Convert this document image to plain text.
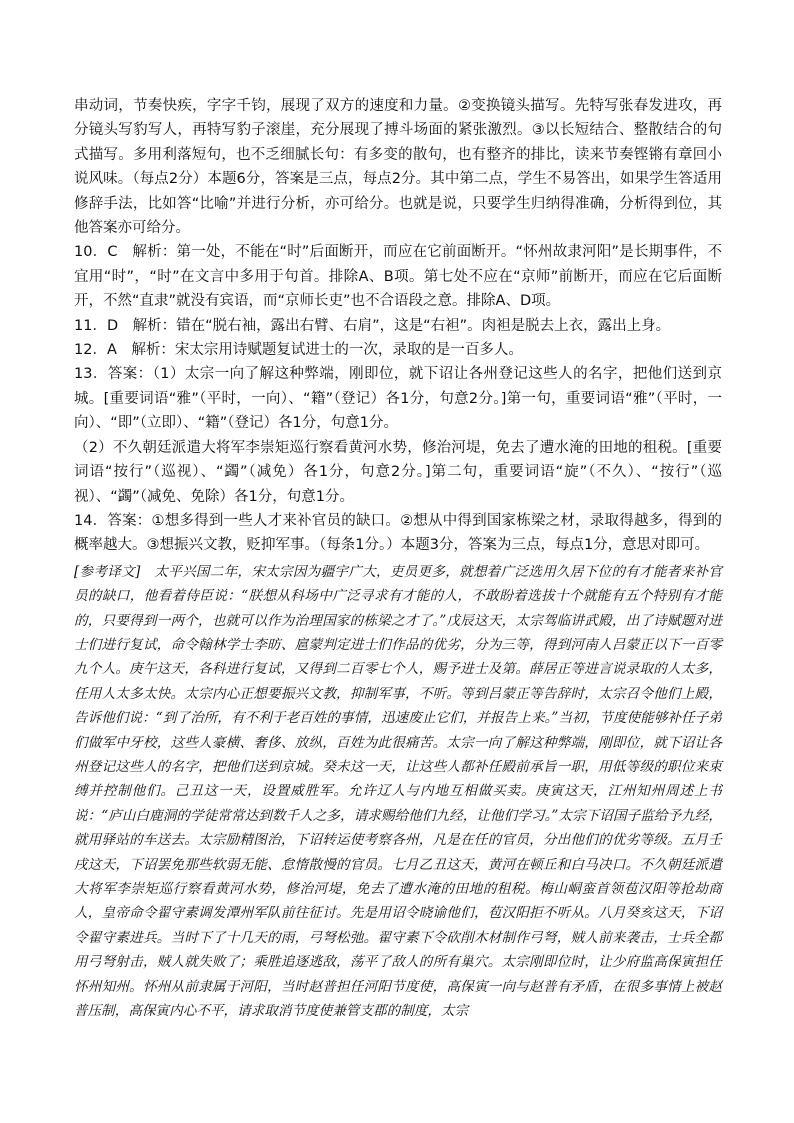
串动词，节奏快疾，字字千钧，展现了双方的速度和力量。②变换镜头描写。先特写张春发进攻，再分镜头写豹写人，再特写豹子滚崖，充分展现了搏斗场面的紧张激烈。③以长短结合、整散结合的句式描写。多用利落短句，也不乏细腻长句：有多变的散句，也有整齐的排比，读来节奏铿锵有章回小说风味。（每点2分）本题6分，答案是三点，每点2分。其中第二点，学生不易答出，如果学生答适用修辞手法，比如答“比喻”并进行分析，亦可给分。也就是说，只要学生归纳得准确，分析得到位，其他答案亦可给分。

10．C　解析：第一处，不能在“时”后面断开，而应在它前面断开。“怀州故隶河阳”是长期事件，不宜用“时”，“时”在文言中多用于句首。排除A、B项。第七处不应在“京师”前断开，而应在它后面断开，不然“直隶”就没有宾语，而“京师长吏”也不合语段之意。排除A、D项。

11．D　解析：错在“脱右袖，露出右臂、右肩”，这是“右袒”。肉袒是脱去上衣，露出上身。

12．A　解析：宋太宗用诗赋题复试进士的一次，录取的是一百多人。

13．答案：（1）太宗一向了解这种弊端，刚即位，就下诏让各州登记这些人的名字，把他们送到京城。[重要词语“雅”（平时，一向）、“籍”（登记）各1分，句意2分。]第一句，重要词语“雅”（平时，一向）、“即”（立即）、“籍”（登记）各1分，句意1分。

（2）不久朝廷派遣大将军李崇矩巡行察看黄河水势，修治河堤，免去了遭水淹的田地的租税。[重要词语“按行”（巡视）、“蠲”（减免）各1分，句意2分。]第二句，重要词语“旋”（不久）、“按行”（巡视）、“蠲”（减免、免除）各1分，句意1分。

14．答案：①想多得到一些人才来补官员的缺口。②想从中得到国家栋梁之材，录取得越多，得到的概率越大。③想振兴文教，贬抑军事。（每条1分。）本题3分，答案为三点，每点1分，意思对即可。

[参考译文]　太平兴国二年，宋太宗因为疆宇广大，吏员更多，就想着广泛选用久居下位的有才能者来补官员的缺口，他看着侍臣说：“朕想从科场中广泛寻求有才能的人，不敢盼着选拔十个就能有五个特别有才能的，只要得到一两个，也就可以作为治理国家的栋梁之才了。”戊辰这天，太宗驾临讲武殿，出了诗赋题对进士们进行复试，命令翰林学士李昉、扈蒙判定进士们作品的优劣，分为三等，得到河南人吕蒙正以下一百零九个人。庚午这天，各科进行复试，又得到二百零七个人，赐予进士及第。薛居正等进言说录取的人太多，任用人太多太快。太宗内心正想要振兴文教，抑制军事，不听。等到吕蒙正等告辞时，太宗召令他们上殿，告诉他们说：“到了治所，有不利于老百姓的事情，迅速废止它们，并报告上来。”当初，节度使能够补任子弟们做军中牙校，这些人豪横、奢侈、放纵，百姓为此很痛苦。太宗一向了解这种弊端，刚即位，就下诏让各州登记这些人的名字，把他们送到京城。癸未这一天，让这些人都补任殿前承旨一职，用低等级的职位来束缚并控制他们。己丑这一天，设置威胜军。允许辽人与内地互相做买卖。庚寅这天，江州知州周述上书说：“庐山白鹿洞的学徒常常达到数千人之多，请求赐给他们九经，让他们学习。”太宗下诏国子监给予九经，就用驿站的车送去。太宗励精图治，下诏转运使考察各州，凡是在任的官员，分出他们的优劣等级。五月壬戌这天，下诏罢免那些软弱无能、怠惰散慢的官员。七月乙丑这天，黄河在顿丘和白马决口。不久朝廷派遣大将军李崇矩巡行察看黄河水势，修治河堤，免去了遭水淹的田地的租税。梅山峒蛮首领苞汉阳等抢劫商人，皇帝命令翟守素调发潭州军队前往征讨。先是用诏令晓谕他们，苞汉阳拒不听从。八月癸亥这天，下诏令翟守素进兵。当时下了十几天的雨，弓弩松弛。翟守素下令砍削木材制作弓弩，贼人前来袭击，士兵全都用弓弩射击，贼人就失败了；乘胜追逐逃敌，荡平了敌人的所有巢穴。太宗刚即位时，让少府监高保寅担任怀州知州。怀州从前隶属于河阳，当时赵普担任河阳节度使，高保寅一向与赵普有矛盾，在很多事情上被赵普压制，高保寅内心不平，请求取消节度使兼管支郡的制度，太宗
